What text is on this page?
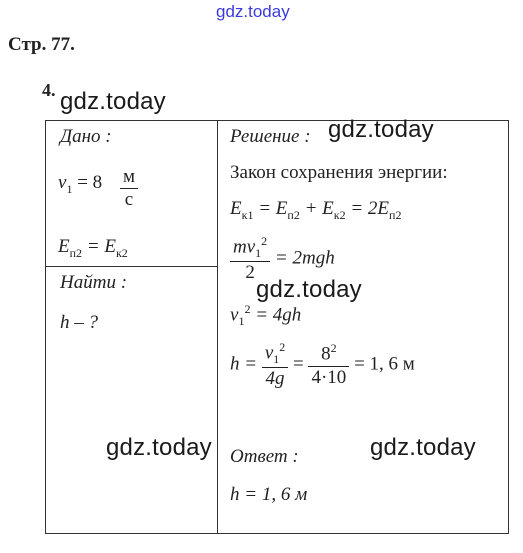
gdz.today
Стр. 77.
4. gdz.today
Дано :
$v_1 = 8 \frac{м}{с}$
$E_{п2} = E_{к2}$
Найти :
h – ?
Решение : gdz.today
Закон сохранения энергии:
$E_{к1} = E_{п2} + E_{к2} = 2E_{п2}$
$\frac{mv_1^2}{2} = 2mgh$
gdz.today
$v_1^2 = 4gh$
$h = \frac{v_1^2}{4g} = \frac{8^2}{4\cdot 10} = 1$, 6 м
gdz.today	gdz.today
Ответ :
h = 1, 6 м
